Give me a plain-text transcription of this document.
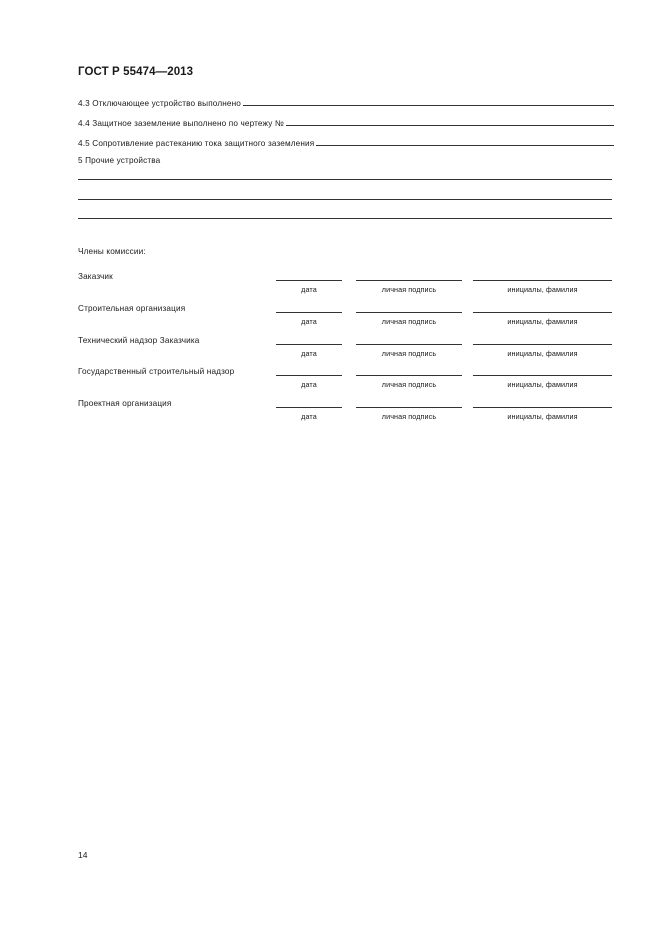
ГОСТ Р 55474—2013
4.3 Отключающее устройство выполнено
4.4 Защитное заземление выполнено по чертежу №
4.5 Сопротивление растеканию тока защитного заземления
5 Прочие устройства
Члены комиссии:
Заказчик
дата	личная подпись	инициалы, фамилия
Строительная организация
дата	личная подпись	инициалы, фамилия
Технический надзор Заказчика
дата	личная подпись	инициалы, фамилия
Государственный строительный надзор
дата	личная подпись	инициалы, фамилия
Проектная организация
дата	личная подпись	инициалы, фамилия
14
